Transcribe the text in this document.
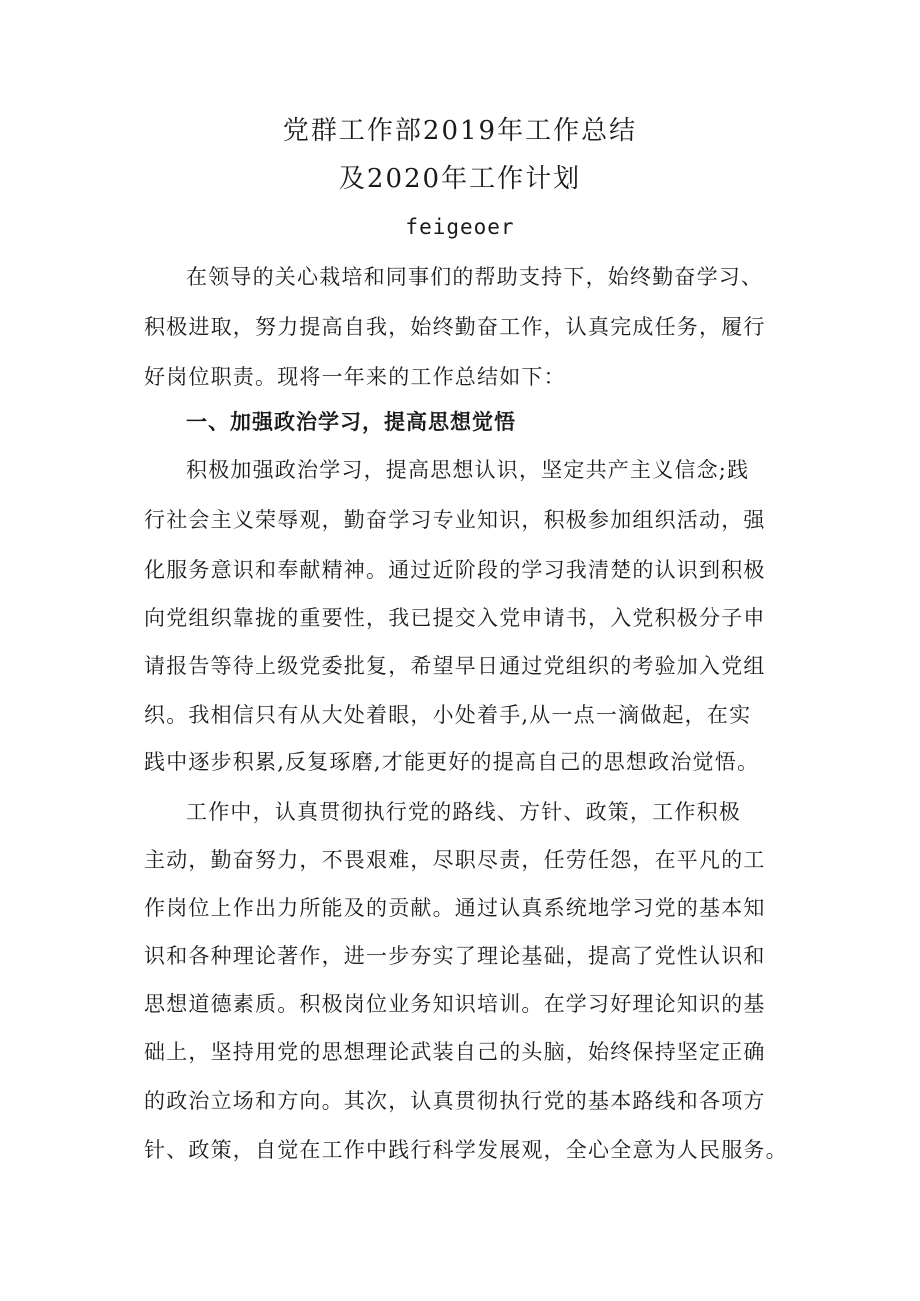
党群工作部2019年工作总结
及2020年工作计划
feigeoer
在领导的关心栽培和同事们的帮助支持下，始终勤奋学习、
积极进取，努力提高自我，始终勤奋工作，认真完成任务，履行
好岗位职责。现将一年来的工作总结如下：
一、加强政治学习，提高思想觉悟
积极加强政治学习，提高思想认识，坚定共产主义信念;践
行社会主义荣辱观，勤奋学习专业知识，积极参加组织活动，强
化服务意识和奉献精神。通过近阶段的学习我清楚的认识到积极
向党组织靠拢的重要性，我已提交入党申请书，入党积极分子申
请报告等待上级党委批复，希望早日通过党组织的考验加入党组
织。我相信只有从大处着眼，小处着手,从一点一滴做起，在实
践中逐步积累,反复琢磨,才能更好的提高自己的思想政治觉悟。
工作中，认真贯彻执行党的路线、方针、政策，工作积极
主动，勤奋努力，不畏艰难，尽职尽责，任劳任怨，在平凡的工
作岗位上作出力所能及的贡献。通过认真系统地学习党的基本知
识和各种理论著作，进一步夯实了理论基础，提高了党性认识和
思想道德素质。积极岗位业务知识培训。在学习好理论知识的基
础上，坚持用党的思想理论武装自己的头脑，始终保持坚定正确
的政治立场和方向。其次，认真贯彻执行党的基本路线和各项方
针、政策，自觉在工作中践行科学发展观，全心全意为人民服务。
